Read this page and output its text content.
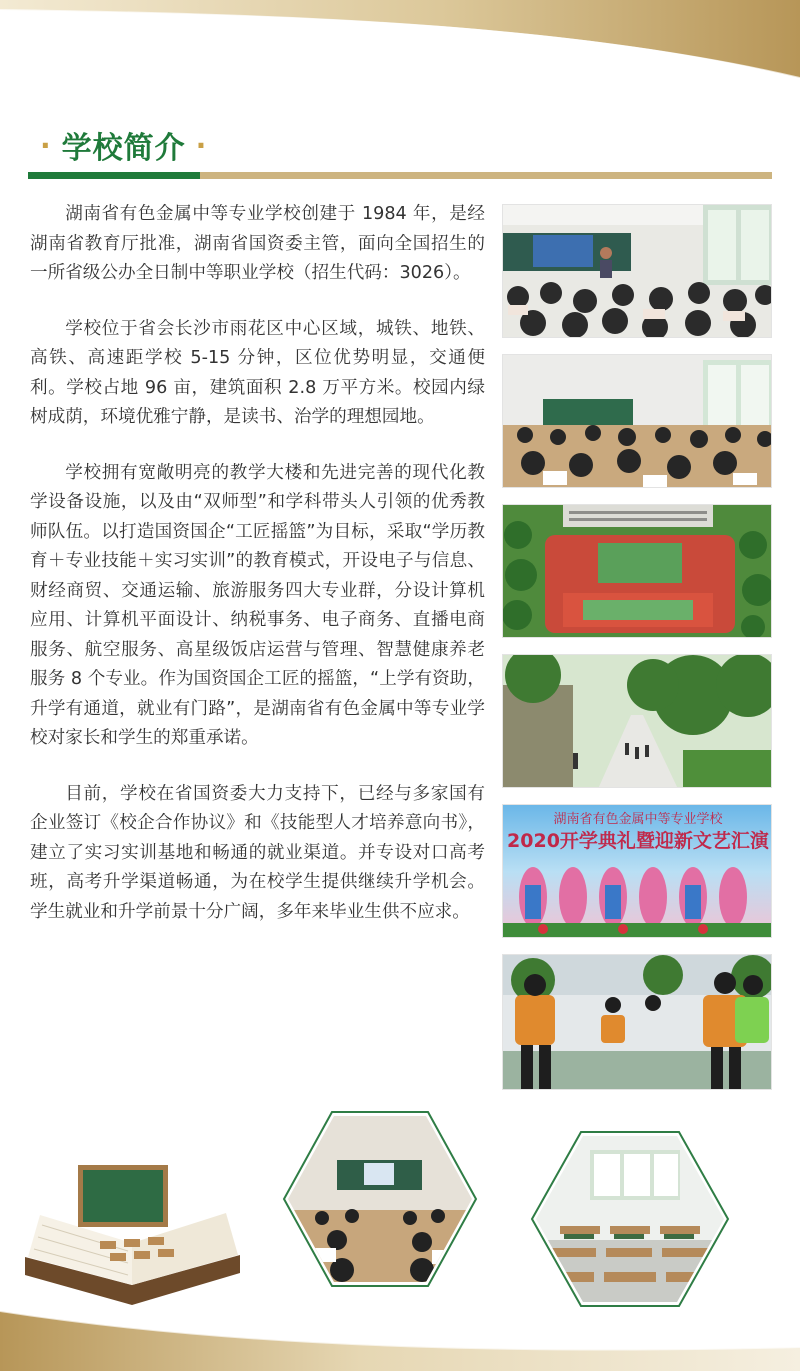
· 学校简介 ·

湖南省有色金属中等专业学校创建于 1984 年，是经湖南省教育厅批准，湖南省国资委主管，面向全国招生的一所省级公办全日制中等职业学校（招生代码：3026）。

学校位于省会长沙市雨花区中心区域，城铁、地铁、高铁、高速距学校 5-15 分钟，区位优势明显，交通便利。学校占地 96 亩，建筑面积 2.8 万平方米。校园内绿树成荫，环境优雅宁静，是读书、治学的理想园地。

学校拥有宽敞明亮的教学大楼和先进完善的现代化教学设备设施，以及由“双师型”和学科带头人引领的优秀教师队伍。以打造国资国企“工匠摇篮”为目标，采取“学历教育＋专业技能＋实习实训”的教育模式，开设电子与信息、财经商贸、交通运输、旅游服务四大专业群，分设计算机应用、计算机平面设计、纳税事务、电子商务、直播电商服务、航空服务、高星级饭店运营与管理、智慧健康养老服务 8 个专业。作为国资国企工匠的摇篮，“上学有资助，升学有通道，就业有门路”，是湖南省有色金属中等专业学校对家长和学生的郑重承诺。

目前，学校在省国资委大力支持下，已经与多家国有企业签订《校企合作协议》和《技能型人才培养意向书》，建立了实习实训基地和畅通的就业渠道。并专设对口高考班，高考升学渠道畅通，为在校学生提供继续升学机会。学生就业和升学前景十分广阔，多年来毕业生供不应求。

湖南省有色金属中等专业学校
2020开学典礼暨迎新文艺汇演
